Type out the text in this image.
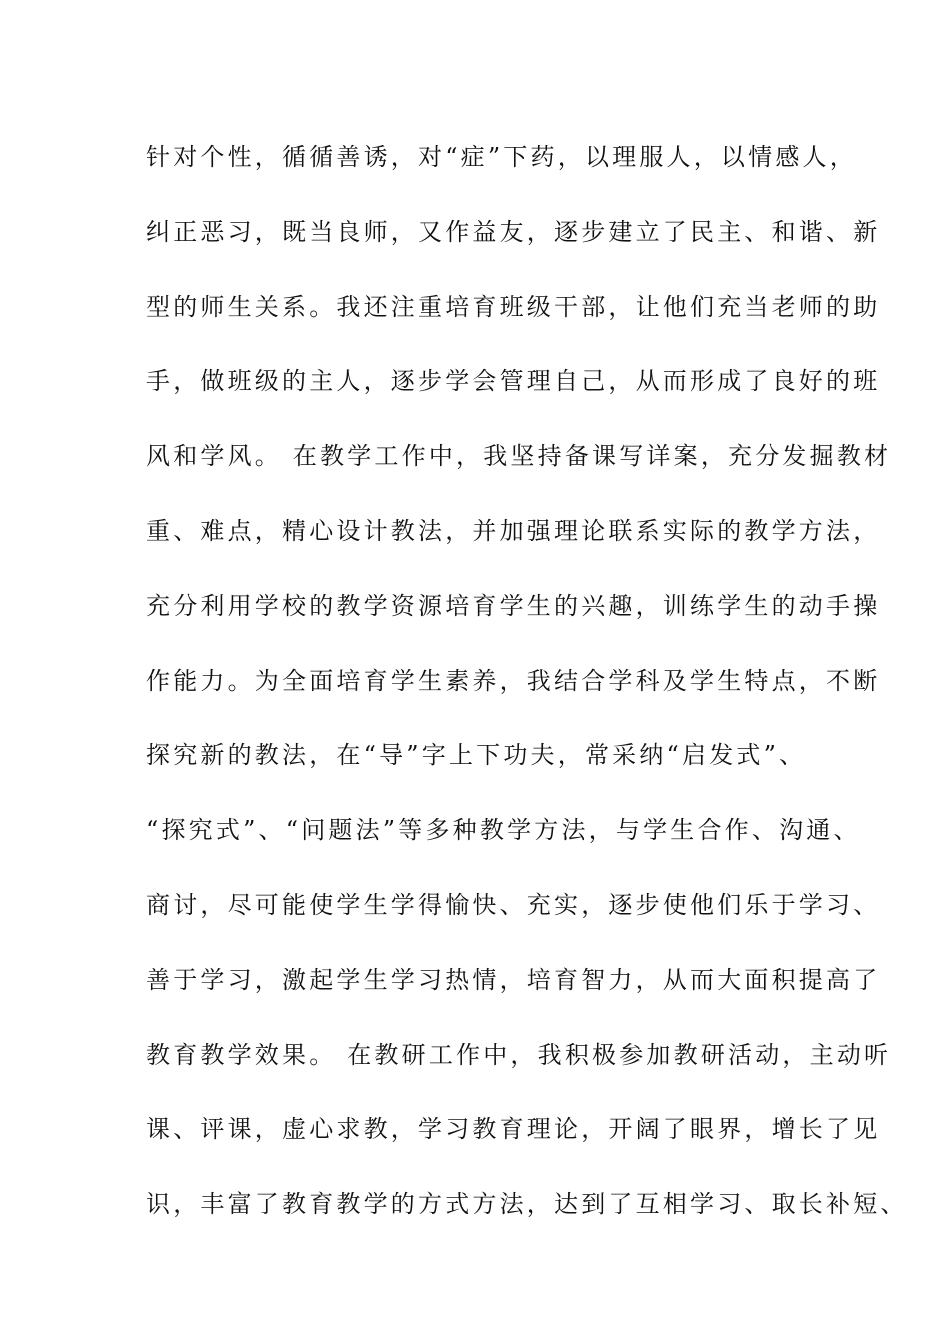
针对个性，循循善诱，对“症”下药，以理服人，以情感人，
纠正恶习，既当良师，又作益友，逐步建立了民主、和谐、新
型的师生关系。我还注重培育班级干部，让他们充当老师的助
手，做班级的主人，逐步学会管理自己，从而形成了良好的班
风和学风。 在教学工作中，我坚持备课写详案，充分发掘教材
重、难点，精心设计教法，并加强理论联系实际的教学方法，
充分利用学校的教学资源培育学生的兴趣，训练学生的动手操
作能力。为全面培育学生素养，我结合学科及学生特点，不断
探究新的教法，在“导”字上下功夫，常采纳“启发式”、
“探究式”、“问题法”等多种教学方法，与学生合作、沟通、
商讨，尽可能使学生学得愉快、充实，逐步使他们乐于学习、
善于学习，激起学生学习热情，培育智力，从而大面积提高了
教育教学效果。 在教研工作中，我积极参加教研活动，主动听
课、评课，虚心求教，学习教育理论，开阔了眼界，增长了见
识，丰富了教育教学的方式方法，达到了互相学习、取长补短、
